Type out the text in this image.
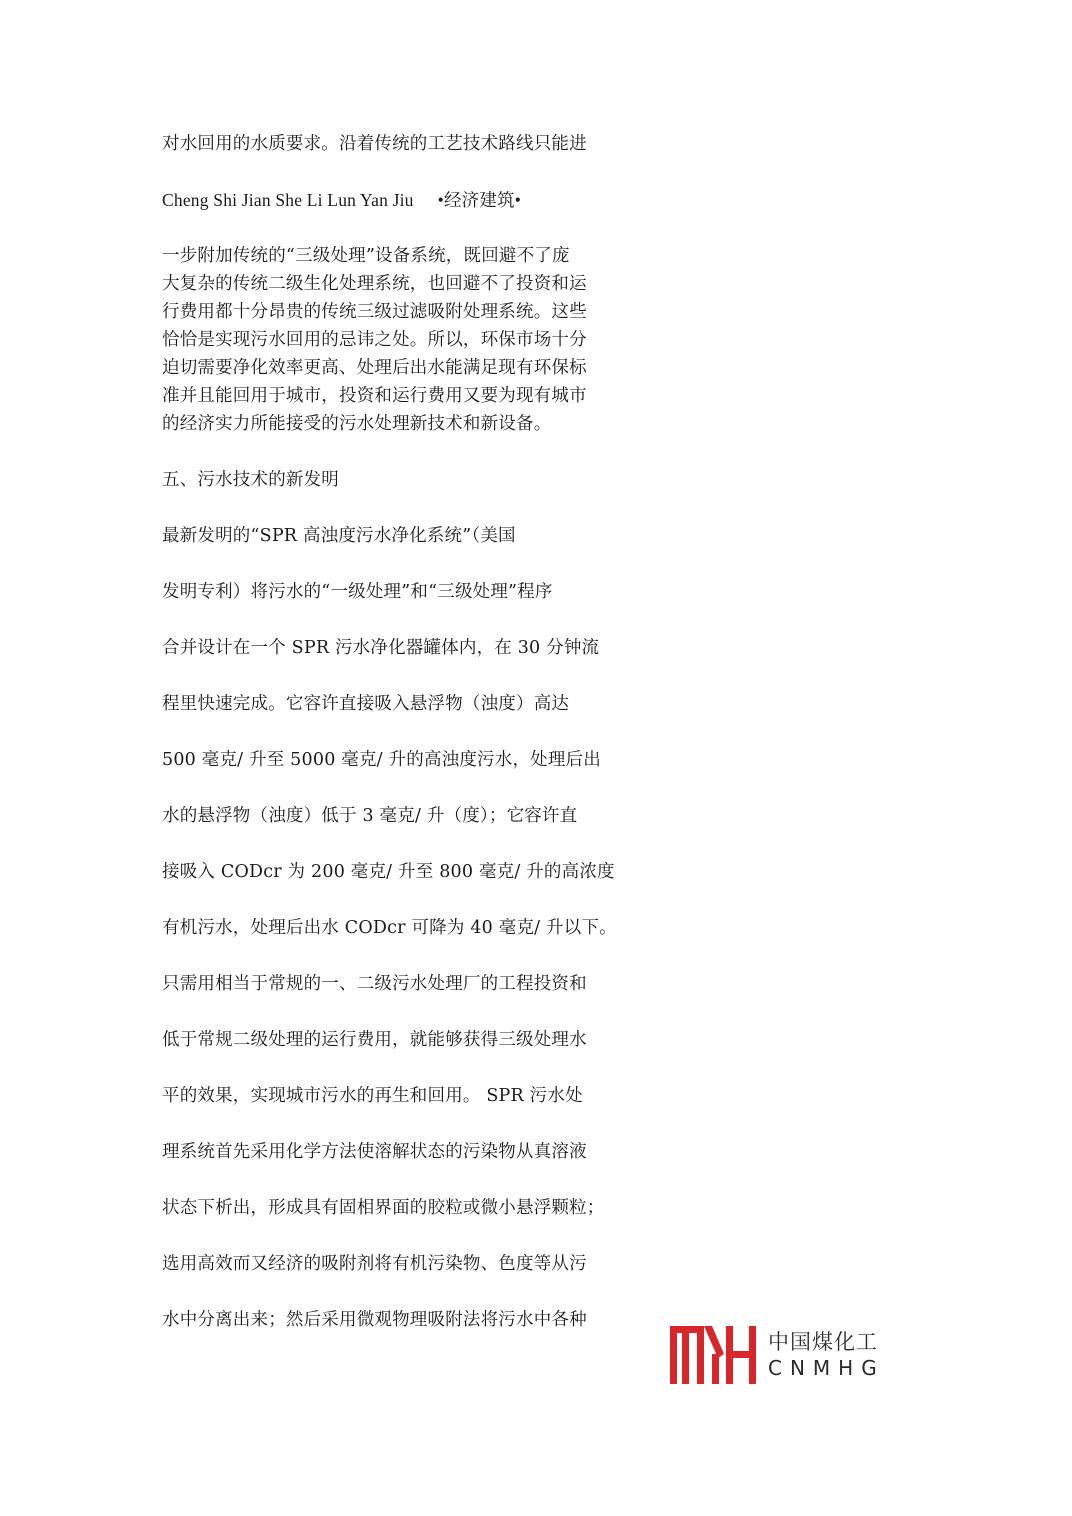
对水回用的水质要求。沿着传统的工艺技术路线只能进
Cheng Shi Jian She Li Lun Yan Jiu •经济建筑•
一步附加传统的“三级处理”设备系统，既回避不了庞
大复杂的传统二级生化处理系统，也回避不了投资和运
行费用都十分昂贵的传统三级过滤吸附处理系统。这些
恰恰是实现污水回用的忌讳之处。所以，环保市场十分
迫切需要净化效率更高、处理后出水能满足现有环保标
准并且能回用于城市，投资和运行费用又要为现有城市
的经济实力所能接受的污水处理新技术和新设备。
五、污水技术的新发明
最新发明的“SPR 高浊度污水净化系统”（美国
发明专利）将污水的“一级处理”和“三级处理”程序
合并设计在一个 SPR 污水净化器罐体内，在 30 分钟流
程里快速完成。它容许直接吸入悬浮物（浊度）高达
500 毫克/ 升至 5000 毫克/ 升的高浊度污水，处理后出
水的悬浮物（浊度）低于 3 毫克/ 升（度）；它容许直
接吸入 CODcr 为 200 毫克/ 升至 800 毫克/ 升的高浓度
有机污水，处理后出水 CODcr 可降为 40 毫克/ 升以下。
只需用相当于常规的一、二级污水处理厂的工程投资和
低于常规二级处理的运行费用，就能够获得三级处理水
平的效果，实现城市污水的再生和回用。 SPR 污水处
理系统首先采用化学方法使溶解状态的污染物从真溶液
状态下析出，形成具有固相界面的胶粒或微小悬浮颗粒；
选用高效而又经济的吸附剂将有机污染物、色度等从污
水中分离出来；然后采用微观物理吸附法将污水中各种
中国煤化工
CNMHG
